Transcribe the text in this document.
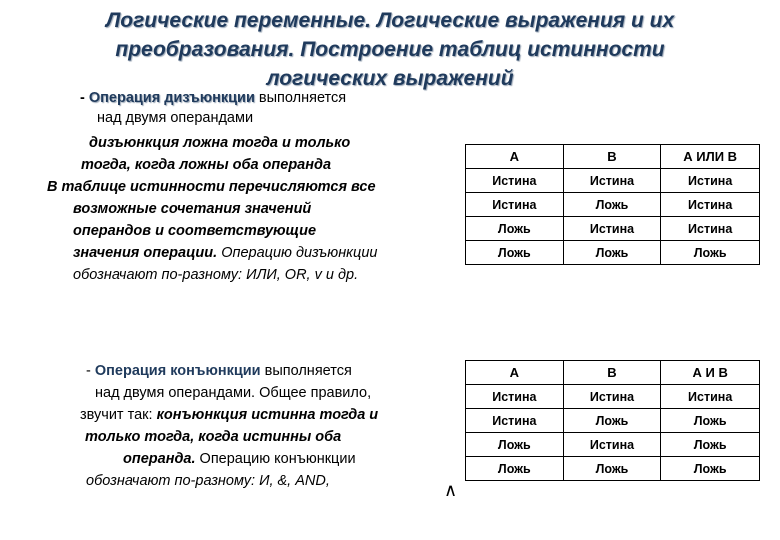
Логические переменные. Логические выражения и их
преобразования. Построение таблиц истинности
логических выражений
- Операция дизъюнкции выполняется
над двумя операндами
дизъюнкция ложна тогда и только
тогда, когда ложны оба операнда
В таблице истинности перечисляются все
возможные сочетания значений
операндов и соответствующие
значения операции. Операцию дизъюнкции
обозначают по-разному: ИЛИ, OR, v и др.
А	В	А ИЛИ В
Истина	Истина	Истина
Истина	Ложь	Истина
Ложь	Истина	Истина
Ложь	Ложь	Ложь
- Операция конъюнкции выполняется
над двумя операндами. Общее правило,
звучит так: конъюнкция истинна тогда и
только тогда, когда истинны оба
операнда. Операцию конъюнкции
обозначают по-разному: И, &, AND,	∧
А	В	А И В
Истина	Истина	Истина
Истина	Ложь	Ложь
Ложь	Истина	Ложь
Ложь	Ложь	Ложь
